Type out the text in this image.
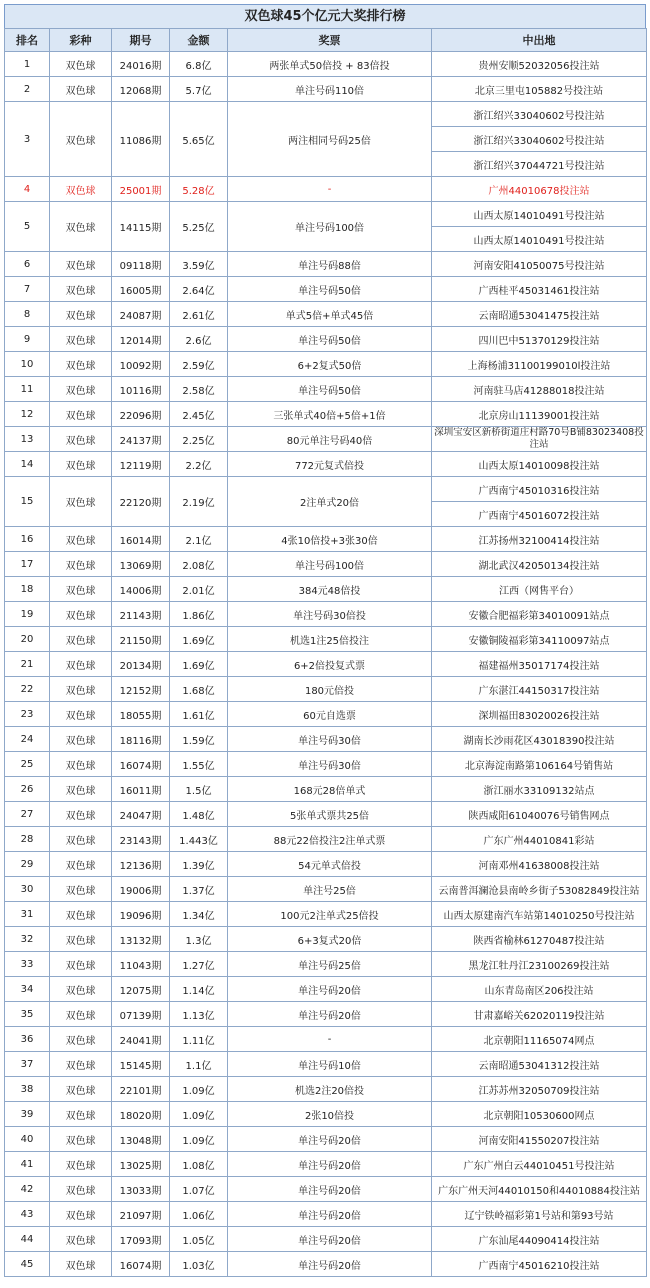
双色球45个亿元大奖排行榜
排名	彩种	期号	金额	奖票	中出地
1	双色球	24016期	6.8亿	两张单式50倍投 + 83倍投	贵州安顺52032056投注站
2	双色球	12068期	5.7亿	单注号码110倍	北京三里屯105882号投注站
3	双色球	11086期	5.65亿	两注相同号码25倍	浙江绍兴33040602号投注站
					浙江绍兴33040602号投注站
					浙江绍兴37044721号投注站
4	双色球	25001期	5.28亿	-	广州44010678投注站
5	双色球	14115期	5.25亿	单注号码100倍	山西太原14010491号投注站
					山西太原14010491号投注站
6	双色球	09118期	3.59亿	单注号码88倍	河南安阳41050075号投注站
7	双色球	16005期	2.64亿	单注号码50倍	广西桂平45031461投注站
8	双色球	24087期	2.61亿	单式5倍+单式45倍	云南昭通53041475投注站
9	双色球	12014期	2.6亿	单注号码50倍	四川巴中51370129投注站
10	双色球	10092期	2.59亿	6+2复式50倍	上海杨浦31100199010l投注站
11	双色球	10116期	2.58亿	单注号码50倍	河南驻马店41288018投注站
12	双色球	22096期	2.45亿	三张单式40倍+5倍+1倍	北京房山11139001投注站
13	双色球	24137期	2.25亿	80元单注号码40倍	深圳宝安区新桥街道庄村路70号B铺83023408投注站
14	双色球	12119期	2.2亿	772元复式倍投	山西太原14010098投注站
15	双色球	22120期	2.19亿	2注单式20倍	广西南宁45010316投注站
					广西南宁45016072投注站
16	双色球	16014期	2.1亿	4张10倍投+3张30倍	江苏扬州32100414投注站
17	双色球	13069期	2.08亿	单注号码100倍	湖北武汉42050134投注站
18	双色球	14006期	2.01亿	384元48倍投	江西（网售平台）
19	双色球	21143期	1.86亿	单注号码30倍投	安徽合肥福彩第34010091站点
20	双色球	21150期	1.69亿	机选1注25倍投注	安徽铜陵福彩第34110097站点
21	双色球	20134期	1.69亿	6+2倍投复式票	福建福州35017174投注站
22	双色球	12152期	1.68亿	180元倍投	广东湛江44150317投注站
23	双色球	18055期	1.61亿	60元自选票	深圳福田83020026投注站
24	双色球	18116期	1.59亿	单注号码30倍	湖南长沙雨花区43018390投注站
25	双色球	16074期	1.55亿	单注号码30倍	北京海淀南路第106164号销售站
26	双色球	16011期	1.5亿	168元28倍单式	浙江丽水33109132站点
27	双色球	24047期	1.48亿	5张单式票共25倍	陕西咸阳61040076号销售网点
28	双色球	23143期	1.443亿	88元22倍投注2注单式票	广东广州44010841彩站
29	双色球	12136期	1.39亿	54元单式倍投	河南邓州41638008投注站
30	双色球	19006期	1.37亿	单注号25倍	云南普洱澜沧县南岭乡街子53082849投注站
31	双色球	19096期	1.34亿	100元2注单式25倍投	山西太原建南汽车站第14010250号投注站
32	双色球	13132期	1.3亿	6+3复式20倍	陕西省榆林61270487投注站
33	双色球	11043期	1.27亿	单注号码25倍	黑龙江牡丹江23100269投注站
34	双色球	12075期	1.14亿	单注号码20倍	山东青岛南区206投注站
35	双色球	07139期	1.13亿	单注号码20倍	甘肃嘉峪关62020119投注站
36	双色球	24041期	1.11亿	-	北京朝阳11165074网点
37	双色球	15145期	1.1亿	单注号码10倍	云南昭通53041312投注站
38	双色球	22101期	1.09亿	机选2注20倍投	江苏苏州32050709投注站
39	双色球	18020期	1.09亿	2张10倍投	北京朝阳10530600网点
40	双色球	13048期	1.09亿	单注号码20倍	河南安阳41550207投注站
41	双色球	13025期	1.08亿	单注号码20倍	广东广州白云44010451号投注站
42	双色球	13033期	1.07亿	单注号码20倍	广东广州天河44010150和44010884投注站
43	双色球	21097期	1.06亿	单注号码20倍	辽宁铁岭福彩第1号站和第93号站
44	双色球	17093期	1.05亿	单注号码20倍	广东汕尾44090414投注站
45	双色球	16074期	1.03亿	单注号码20倍	广西南宁45016210投注站
